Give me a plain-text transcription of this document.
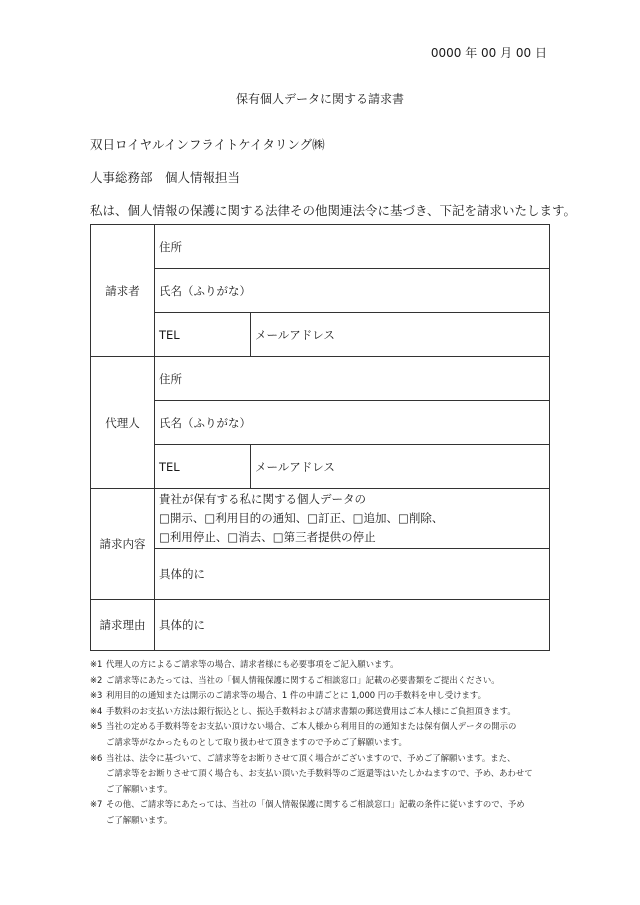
0000 年 00 月 00 日
保有個人データに関する請求書
双日ロイヤルインフライトケイタリング㈱
人事総務部　個人情報担当
私は、個人情報の保護に関する法律その他関連法令に基づき、下記を請求いたします。
請求者	住所	
	氏名（ふりがな）	
	TEL	メールアドレス
代理人	住所	
	氏名（ふりがな）	
	TEL	メールアドレス
請求内容	貴社が保有する私に関する個人データの
□開示、□利用目的の通知、□訂正、□追加、□削除、
□利用停止、□消去、□第三者提供の停止	

	具体的に	
請求理由	具体的に	
※1 代理人の方によるご請求等の場合、請求者様にも必要事項をご記入願います。
※2 ご請求等にあたっては、当社の「個人情報保護に関するご相談窓口」記載の必要書類をご提出ください。
※3 利用目的の通知または開示のご請求等の場合、1 件の申請ごとに 1,000 円の手数料を申し受けます。
※4 手数料のお支払い方法は銀行振込とし、振込手数料および請求書類の郵送費用はご本人様にご負担頂きます。
※5 当社の定める手数料等をお支払い頂けない場合、ご本人様から利用目的の通知または保有個人データの開示の
ご請求等がなかったものとして取り扱わせて頂きますので予めご了解願います。
※6 当社は、法令に基づいて、ご請求等をお断りさせて頂く場合がございますので、予めご了解願います。また、
ご請求等をお断りさせて頂く場合も、お支払い頂いた手数料等のご返還等はいたしかねますので、予め、あわせて
ご了解願います。
※7 その他、ご請求等にあたっては、当社の「個人情報保護に関するご相談窓口」記載の条件に従いますので、予め
ご了解願います。
